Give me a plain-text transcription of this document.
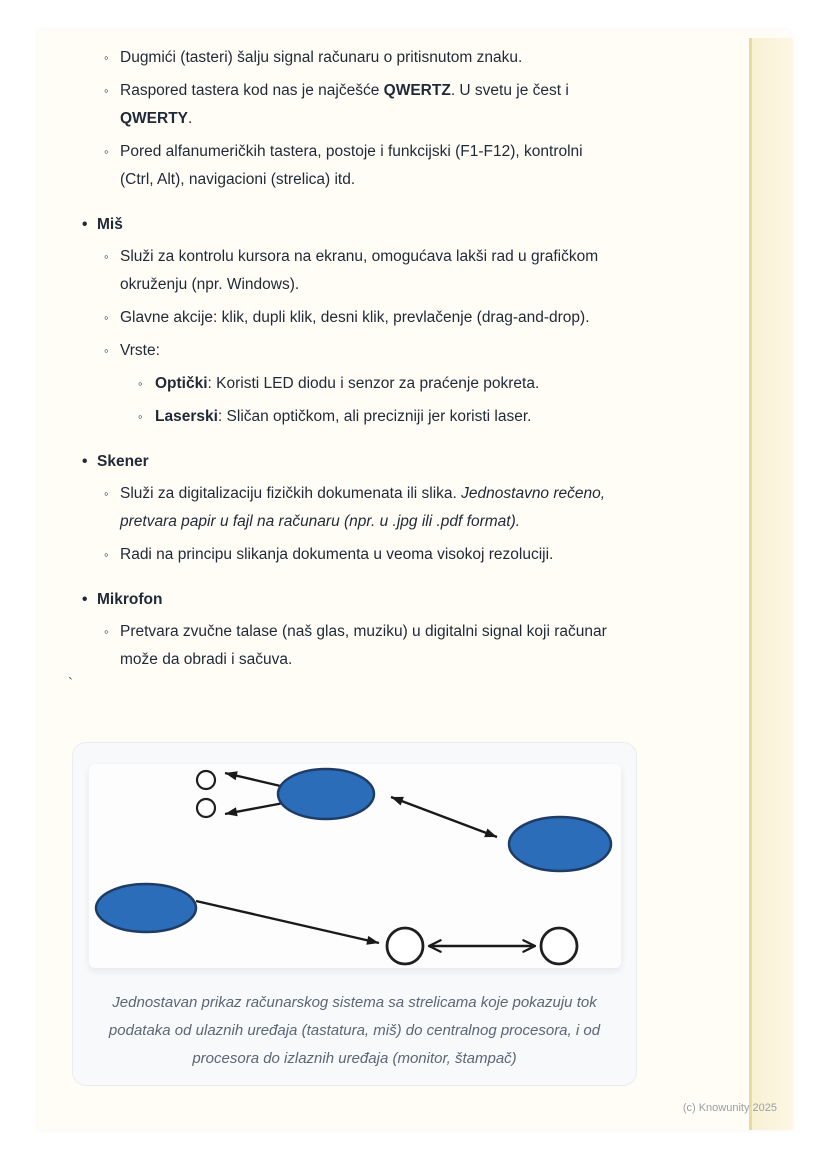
◦ Dugmići (tasteri) šalju signal računaru o pritisnutom znaku.
◦ Raspored tastera kod nas je najčešće QWERTZ. U svetu je čest i
QWERTY.
◦ Pored alfanumeričkih tastera, postoje i funkcijski (F1-F12), kontrolni
(Ctrl, Alt), navigacioni (strelica) itd.
• Miš
◦ Služi za kontrolu kursora na ekranu, omogućava lakši rad u grafičkom
okruženju (npr. Windows).
◦ Glavne akcije: klik, dupli klik, desni klik, prevlačenje (drag-and-drop).
◦ Vrste:
◦ Optički: Koristi LED diodu i senzor za praćenje pokreta.
◦ Laserski: Sličan optičkom, ali precizniji jer koristi laser.
• Skener
◦ Služi za digitalizaciju fizičkih dokumenata ili slika. Jednostavno rečeno,
pretvara papir u fajl na računaru (npr. u .jpg ili .pdf format).
◦ Radi na principu slikanja dokumenta u veoma visokoj rezoluciji.
• Mikrofon
◦ Pretvara zvučne talase (naš glas, muziku) u digitalni signal koji računar
može da obradi i sačuva.
`
Jednostavan prikaz računarskog sistema sa strelicama koje pokazuju tok
podataka od ulaznih uređaja (tastatura, miš) do centralnog procesora, i od
procesora do izlaznih uređaja (monitor, štampač)
(c) Knowunity 2025
